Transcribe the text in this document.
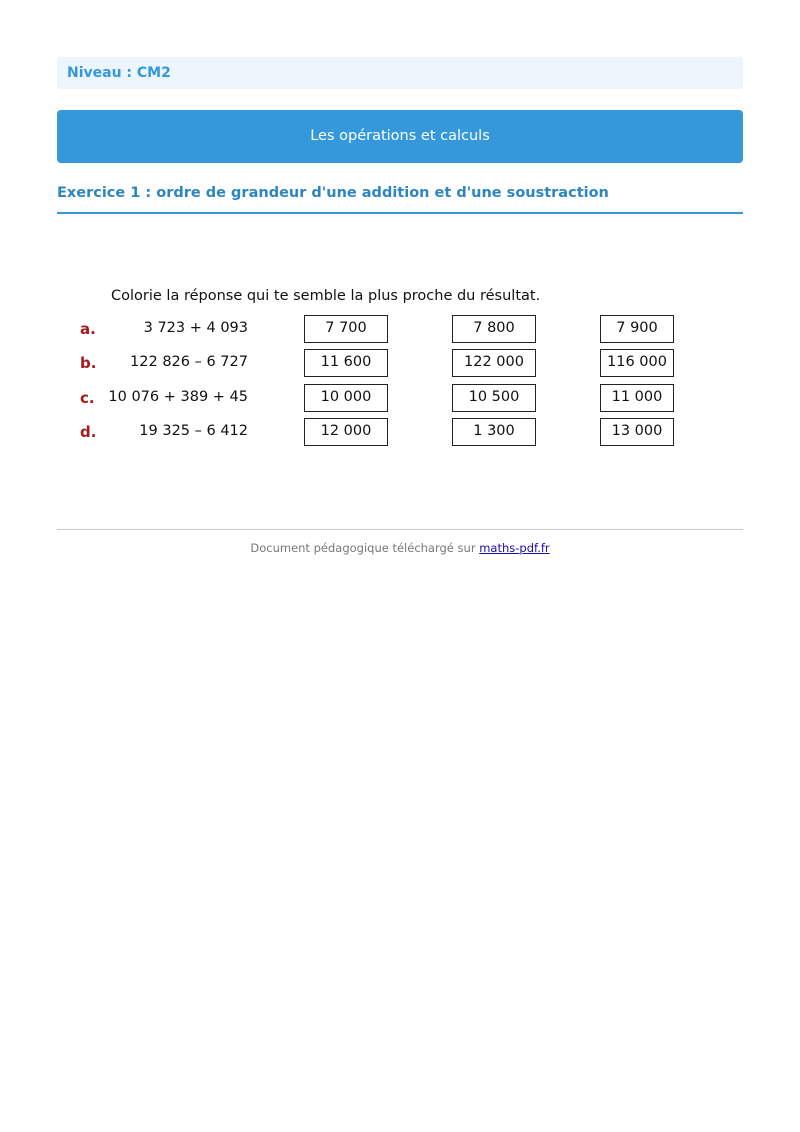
Niveau : CM2
Les opérations et calculs
Exercice 1 : ordre de grandeur d'une addition et d'une soustraction
Colorie la réponse qui te semble la plus proche du résultat.
a.	3 723 + 4 093	7 700	7 800	7 900
b.	122 826 – 6 727	11 600	122 000	116 000
c. 10 076 + 389 + 45	10 000	10 500	11 000
d.	19 325 – 6 412	12 000	1 300	13 000
Document pédagogique téléchargé sur maths-pdf.fr
